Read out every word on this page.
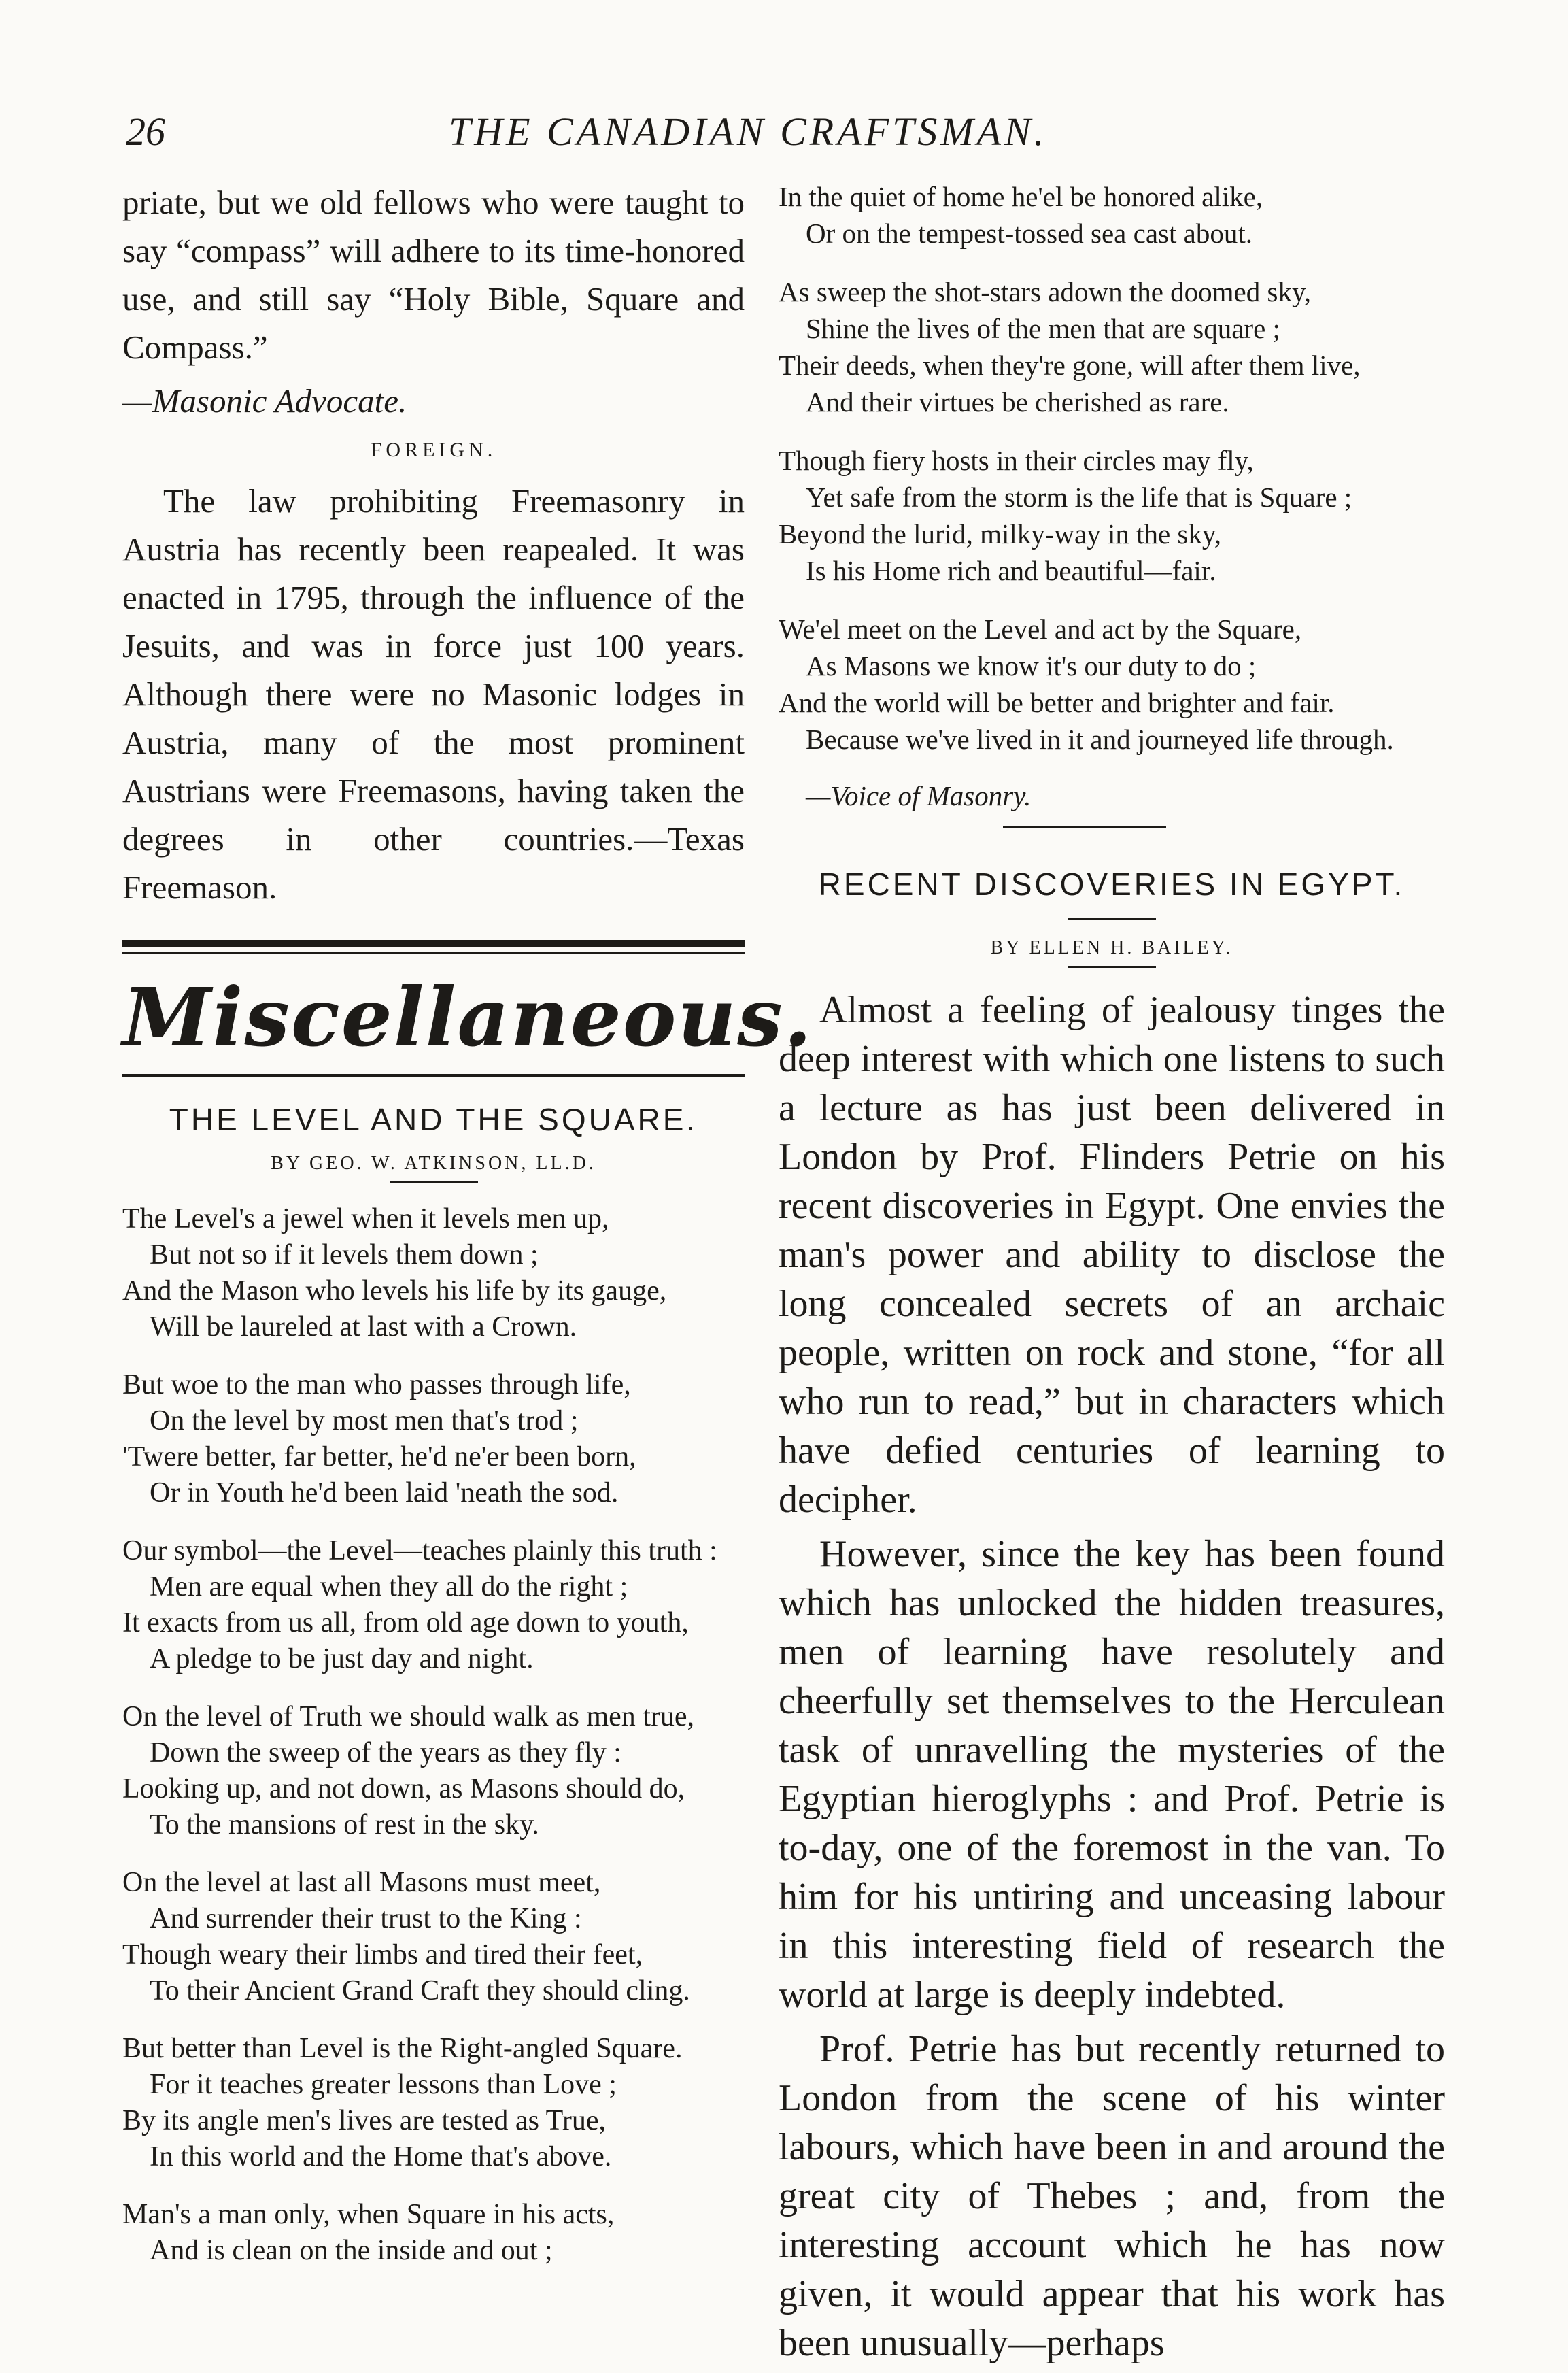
26	THE CANADIAN CRAFTSMAN.

priate, but we old fellows who were taught to say “compass” will adhere to its time-honored use, and still say “Holy Bible, Square and Compass.”

—Masonic Advocate.

FOREIGN.

The law prohibiting Freemasonry in Austria has recently been reapealed. It was enacted in 1795, through the influence of the Jesuits, and was in force just 100 years. Although there were no Masonic lodges in Austria, many of the most prominent Austrians were Freemasons, having taken the degrees in other countries.—Texas Freemason.

Miscellaneous.
THE LEVEL AND THE SQUARE.
BY GEO. W. ATKINSON, LL.D.
The Level's a jewel when it levels men up,
But not so if it levels them down ;
And the Mason who levels his life by its gauge,
Will be laureled at last with a Crown.
But woe to the man who passes through life,
On the level by most men that's trod ;
'Twere better, far better, he'd ne'er been born,
Or in Youth he'd been laid 'neath the sod.
Our symbol—the Level—teaches plainly this truth :
Men are equal when they all do the right ;
It exacts from us all, from old age down to youth,
A pledge to be just day and night.
On the level of Truth we should walk as men true,
Down the sweep of the years as they fly :
Looking up, and not down, as Masons should do,
To the mansions of rest in the sky.
On the level at last all Masons must meet,
And surrender their trust to the King :
Though weary their limbs and tired their feet,
To their Ancient Grand Craft they should cling.
But better than Level is the Right-angled Square.
For it teaches greater lessons than Love ;
By its angle men's lives are tested as True,
In this world and the Home that's above.
Man's a man only, when Square in his acts,
And is clean on the inside and out ;
In the quiet of home he'el be honored alike,
Or on the tempest-tossed sea cast about.
As sweep the shot-stars adown the doomed sky,
Shine the lives of the men that are square ;
Their deeds, when they're gone, will after them live,
And their virtues be cherished as rare.
Though fiery hosts in their circles may fly,
Yet safe from the storm is the life that is Square ;
Beyond the lurid, milky-way in the sky,
Is his Home rich and beautiful—fair.
We'el meet on the Level and act by the Square,
As Masons we know it's our duty to do ;
And the world will be better and brighter and fair.
Because we've lived in it and journeyed life through.
—Voice of Masonry.
RECENT DISCOVERIES IN EGYPT.
BY ELLEN H. BAILEY.

Almost a feeling of jealousy tinges the deep interest with which one listens to such a lecture as has just been delivered in London by Prof. Flinders Petrie on his recent discoveries in Egypt. One envies the man's power and ability to disclose the long concealed secrets of an archaic people, written on rock and stone, “for all who run to read,” but in characters which have defied centuries of learning to decipher.

However, since the key has been found which has unlocked the hidden treasures, men of learning have resolutely and cheerfully set themselves to the Herculean task of unravelling the mysteries of the Egyptian hieroglyphs : and Prof. Petrie is to-day, one of the foremost in the van. To him for his untiring and unceasing labour in this interesting field of research the world at large is deeply indebted.

Prof. Petrie has but recently returned to London from the scene of his winter labours, which have been in and around the great city of Thebes ; and, from the interesting account which he has now given, it would appear that his work has been unusually—perhaps
